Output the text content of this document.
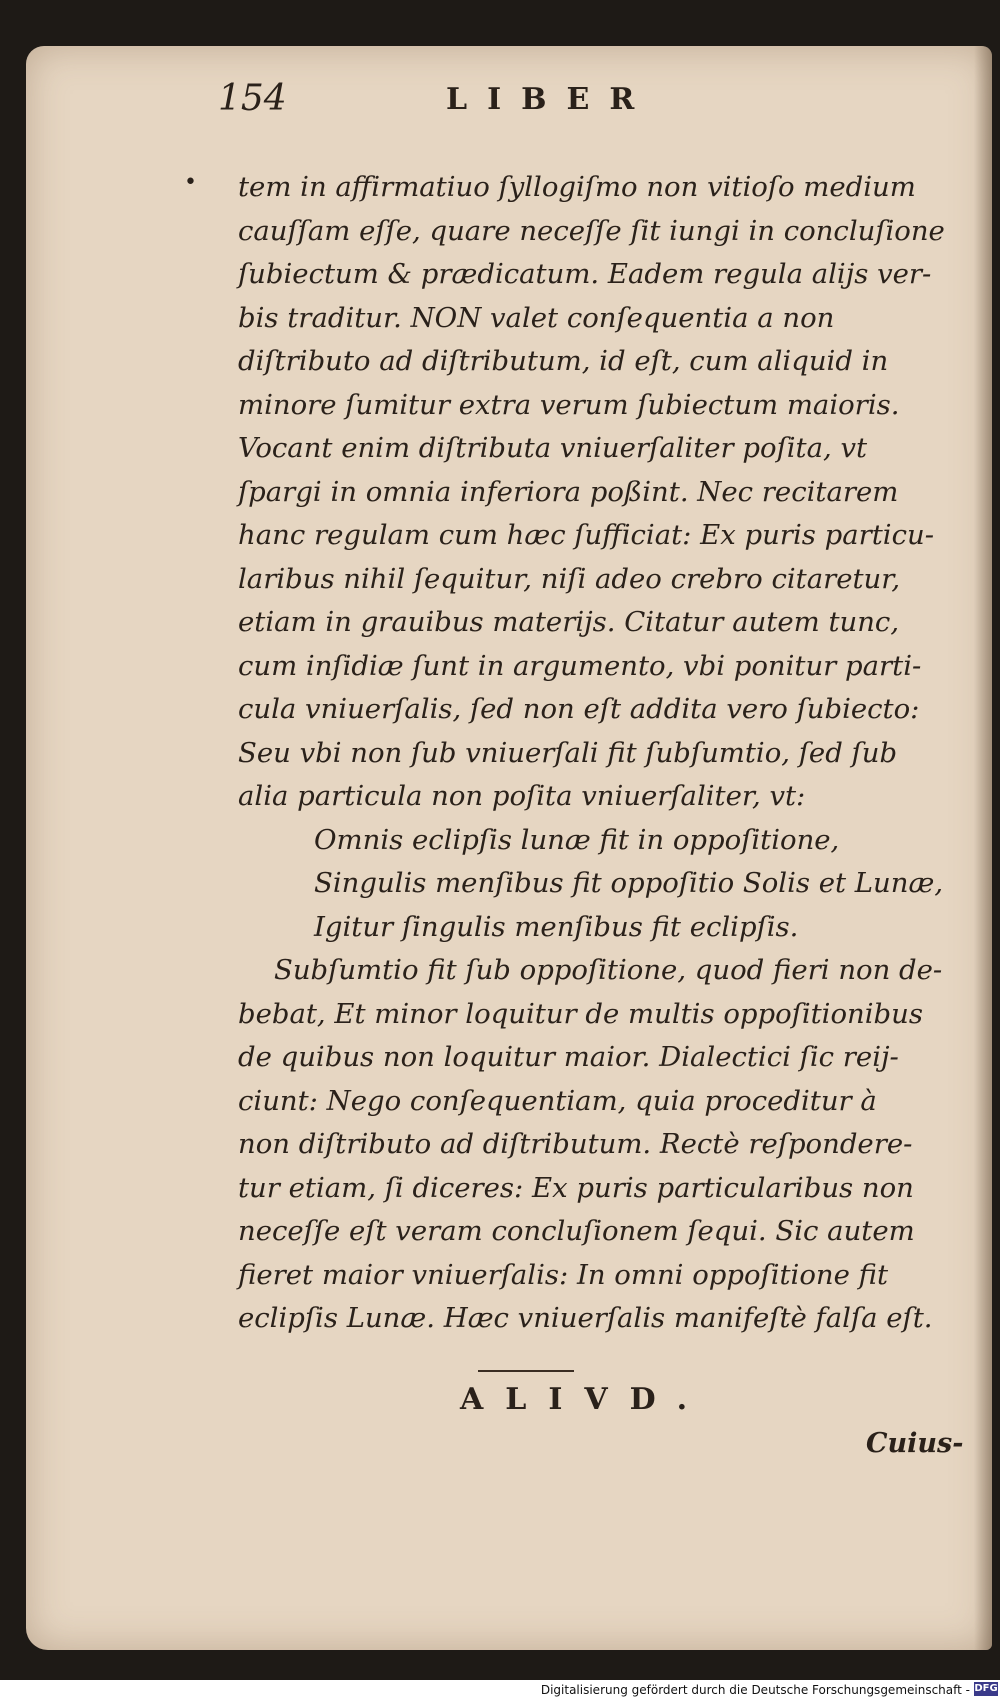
154	LIBER
• tem in affirmatiuo ſyllogiſmo non vitioſo medium
cauſſam eſſe, quare neceſſe ſit iungi in concluſione
ſubiectum & prædicatum. Eadem regula alijs ver-
bis traditur. NON valet conſequentia a non
diſtributo ad diſtributum, id eſt, cum aliquid in
minore ſumitur extra verum ſubiectum maioris.
Vocant enim diſtributa vniuerſaliter poſita, vt
ſpargi in omnia inferiora poßint. Nec recitarem
hanc regulam cum hæc ſufficiat: Ex puris particu-
laribus nihil ſequitur, niſi adeo crebro citaretur,
etiam in grauibus materijs. Citatur autem tunc,
cum inſidiæ ſunt in argumento, vbi ponitur parti-
cula vniuerſalis, ſed non eſt addita vero ſubiecto:
Seu vbi non ſub vniuerſali fit ſubſumtio, ſed ſub
alia particula non poſita vniuerſaliter, vt:
Omnis eclipſis lunæ fit in oppoſitione,
Singulis menſibus fit oppoſitio Solis et Lunæ,
Igitur ſingulis menſibus fit eclipſis.
Subſumtio fit ſub oppoſitione, quod fieri non de-
bebat, Et minor loquitur de multis oppoſitionibus
de quibus non loquitur maior. Dialectici ſic reij-
ciunt: Nego conſequentiam, quia proceditur à
non diſtributo ad diſtributum. Rectè reſponderе-
tur etiam, ſi diceres: Ex puris particularibus non
neceſſe eſt veram concluſionem ſequi. Sic autem
fieret maior vniuerſalis: In omni oppoſitione fit
eclipſis Lunæ. Hæc vniuerſalis manifeſtè falſa eſt.
ALIVD.
Cuius-
Digitalisierung gefördert durch die Deutsche Forschungsgemeinschaft - DFG
